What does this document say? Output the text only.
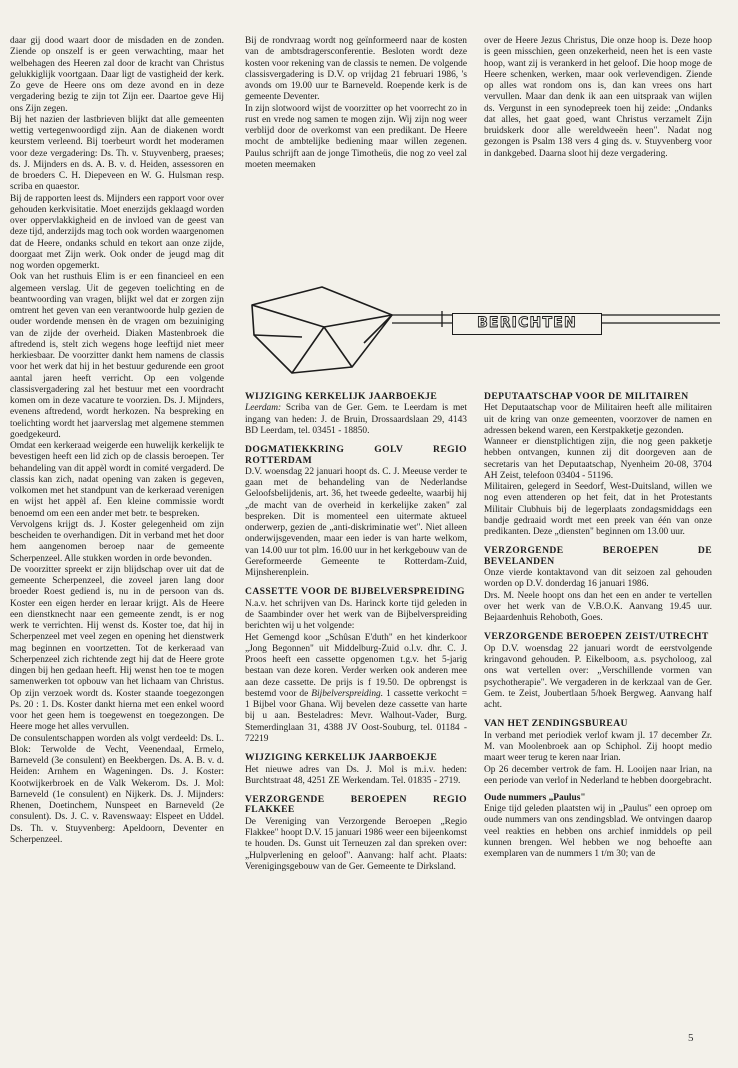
daar gij dood waart door de misdaden en de zonden. Ziende op onszelf is er geen verwachting, maar het welbehagen des Heeren zal door de kracht van Christus gelukkiglijk voortgaan. Daar ligt de vastigheid der kerk. Zo geve de Heere ons om deze avond en in deze vergadering bezig te zijn tot Zijn eer. Daartoe geve Hij ons Zijn zegen.

Bij het nazien der lastbrieven blijkt dat alle gemeenten wettig vertegenwoordigd zijn. Aan de diakenen wordt keurstem verleend. Bij toerbeurt wordt het moderamen voor deze vergadering: Ds. Th. v. Stuyvenberg, praeses; ds. J. Mijnders en ds. A. B. v. d. Heiden, assessoren en de broeders C. H. Diepeveen en W. G. Hulsman resp. scriba en quaestor.

Bij de rapporten leest ds. Mijnders een rapport voor over gehouden kerkvisitatie. Moet enerzijds geklaagd worden over oppervlakkigheid en de invloed van de geest van deze tijd, anderzijds mag toch ook worden waargenomen dat de Heere, ondanks schuld en tekort aan onze zijde, doorgaat met Zijn werk. Ook onder de jeugd mag dit nog worden opgemerkt.

Ook van het rusthuis Elim is er een financieel en een algemeen verslag. Uit de gegeven toelichting en de beantwoording van vragen, blijkt wel dat er zorgen zijn omtrent het geven van een verantwoorde hulp gezien de ouder wordende mensen èn de vragen om bezuiniging van de zijde der overheid. Diaken Mastenbroek die aftredend is, stelt zich wegens hoge leeftijd niet meer herkiesbaar. De voorzitter dankt hem namens de classis voor het werk dat hij in het bestuur gedurende een groot aantal jaren heeft verricht. Op een volgende classisvergadering zal het bestuur met een voordracht komen om in deze vacature te voorzien. Ds. J. Mijnders, evenens aftredend, wordt herkozen. Na bespreking en toelichting wordt het jaarverslag met algemene stemmen goedgekeurd.

Omdat een kerkeraad weigerde een huwelijk kerkelijk te bevestigen heeft een lid zich op de classis beroepen. Ter behandeling van dit appèl wordt in comité vergaderd. De classis kan zich, nadat opening van zaken is gegeven, volkomen met het standpunt van de kerkeraad verenigen en wijst het appèl af. Een kleine commissie wordt benoemd om een een ander met betr. te bespreken.

Vervolgens krijgt ds. J. Koster gelegenheid om zijn bescheiden te overhandigen. Dit in verband met het door hem aangenomen beroep naar de gemeente Scherpenzeel. Alle stukken worden in orde bevonden.

De voorzitter spreekt er zijn blijdschap over uit dat de gemeente Scherpenzeel, die zoveel jaren lang door broeder Roest gediend is, nu in de persoon van ds. Koster een eigen herder en leraar krijgt. Als de Heere een dienstknecht naar een gemeente zendt, is er nog werk te verrichten. Hij wenst ds. Koster toe, dat hij in Scherpenzeel met veel zegen en opening het dienstwerk mag beginnen en voortzetten. Tot de kerkeraad van Scherpenzeel zich richtende zegt hij dat de Heere grote dingen bij hen gedaan heeft. Hij wenst hen toe te mogen samenwerken tot opbouw van het lichaam van Christus. Op zijn verzoek wordt ds. Koster staande toegezongen Ps. 20 : 1. Ds. Koster dankt hierna met een enkel woord voor het geen hem is toegewenst en toegezongen. De Heere moge het alles vervullen.

De consulentschappen worden als volgt verdeeld: Ds. L. Blok: Terwolde de Vecht, Veenendaal, Ermelo, Barneveld (3e consulent) en Beekbergen. Ds. A. B. v. d. Heiden: Arnhem en Wageningen. Ds. J. Koster: Kootwijkerbroek en de Valk Wekerom. Ds. J. Mol: Barneveld (1e consulent) en Nijkerk. Ds. J. Mijnders: Rhenen, Doetinchem, Nunspeet en Barneveld (2e consulent). Ds. J. C. v. Ravenswaay: Elspeet en Uddel. Ds. Th. v. Stuyvenberg: Apeldoorn, Deventer en Scherpenzeel.

Bij de rondvraag wordt nog geïnformeerd naar de kosten van de ambtsdragersconferentie. Besloten wordt deze kosten voor rekening van de classis te nemen. De volgende classisvergadering is D.V. op vrijdag 21 februari 1986, 's avonds om 19.00 uur te Barneveld. Roepende kerk is de gemeente Deventer.

In zijn slotwoord wijst de voorzitter op het voorrecht zo in rust en vrede nog samen te mogen zijn. Wij zijn nog weer verblijd door de overkomst van een predikant. De Heere mocht de ambtelijke bediening maar willen zegenen. Paulus schrijft aan de jonge Timotheüs, die nog zo veel zal moeten meemaken

over de Heere Jezus Christus, Die onze hoop is. Deze hoop is geen misschien, geen onzekerheid, neen het is een vaste hoop, want zij is verankerd in het geloof. Die hoop moge de Heere schenken, werken, maar ook verlevendigen. Ziende op alles wat rondom ons is, dan kan vrees ons hart vervullen. Maar dan denk ik aan een uitspraak van wijlen ds. Vergunst in een synodepreek toen hij zeide: „Ondanks dat alles, het gaat goed, want Christus verzamelt Zijn bruidskerk door alle wereldweeën heen". Nadat nog gezongen is Psalm 138 vers 4 ging ds. v. Stuyvenberg voor in dankgebed. Daarna sloot hij deze vergadering.

BERICHTEN
WIJZIGING KERKELIJK JAARBOEKJE

Leerdam: Scriba van de Ger. Gem. te Leerdam is met ingang van heden: J. de Bruin, Drossaardslaan 29, 4143 BD Leerdam, tel. 03451 - 18850.

DOGMATIEKKRING GOLV REGIO ROTTERDAM

D.V. woensdag 22 januari hoopt ds. C. J. Meeuse verder te gaan met de behandeling van de Nederlandse Geloofsbelijdenis, art. 36, het tweede gedeelte, waarbij hij „de macht van de overheid in kerkelijke zaken" zal bespreken. Dit is momenteel een uitermate aktueel onderwerp, gezien de „anti-diskriminatie wet". Niet alleen onderwijsgevenden, maar een ieder is van harte welkom, van 14.00 uur tot plm. 16.00 uur in het kerkgebouw van de Gereformeerde Gemeente te Rotterdam-Zuid, Mijnsherenplein.

CASSETTE VOOR DE BIJBELVERSPREIDING

N.a.v. het schrijven van Ds. Harinck korte tijd geleden in de Saambinder over het werk van de Bijbelverspreiding berichten wij u het volgende:

Het Gemengd koor „Schûsan E'duth" en het kinderkoor „Jong Begonnen" uit Middelburg-Zuid o.l.v. dhr. C. J. Proos heeft een cassette opgenomen t.g.v. het 5-jarig bestaan van deze koren. Verder werken ook anderen mee aan deze cassette. De prijs is f 19.50. De opbrengst is bestemd voor de Bijbelverspreiding. 1 cassette verkocht = 1 Bijbel voor Ghana. Wij bevelen deze cassette van harte bij u aan. Besteladres: Mevr. Walhout-Vader, Burg. Stemerdinglaan 31, 4388 JV Oost-Souburg, tel. 01184 - 72219

WIJZIGING KERKELIJK JAARBOEKJE

Het nieuwe adres van Ds. J. Mol is m.i.v. heden: Burchtstraat 48, 4251 ZE Werkendam. Tel. 01835 - 2719.

VERZORGENDE BEROEPEN REGIO FLAKKEE

De Vereniging van Verzorgende Beroepen „Regio Flakkee" hoopt D.V. 15 januari 1986 weer een bijeenkomst te houden. Ds. Gunst uit Terneuzen zal dan spreken over: „Hulpverlening en geloof". Aanvang: half acht. Plaats: Verenigingsgebouw van de Ger. Gemeente te Dirksland.

DEPUTAATSCHAP VOOR DE MILITAIREN

Het Deputaatschap voor de Militairen heeft alle militairen uit de kring van onze gemeenten, voorzover de namen en adressen bekend waren, een Kerstpakketje gezonden.

Wanneer er dienstplichtigen zijn, die nog geen pakketje hebben ontvangen, kunnen zij dit doorgeven aan de secretaris van het Deputaatschap, Nyenheim 20-08, 3704 AH Zeist, telefoon 03404 - 51196.

Militairen, gelegerd in Seedorf, West-Duitsland, willen we nog even attenderen op het feit, dat in het Protestants Militair Clubhuis bij de legerplaats zondagsmiddags een bandje gedraaid wordt met een preek van één van onze predikanten. Deze „diensten" beginnen om 13.00 uur.

VERZORGENDE BEROEPEN DE BEVELANDEN

Onze vierde kontaktavond van dit seizoen zal gehouden worden op D.V. donderdag 16 januari 1986.

Drs. M. Neele hoopt ons dan het een en ander te vertellen over het werk van de V.B.O.K. Aanvang 19.45 uur. Bejaardenhuis Rehoboth, Goes.

VERZORGENDE BEROEPEN ZEIST/UTRECHT

Op D.V. woensdag 22 januari wordt de eerstvolgende kringavond gehouden. P. Eikelboom, a.s. psycholoog, zal ons wat vertellen over: „Verschillende vormen van psychotherapie". We vergaderen in de kerkzaal van de Ger. Gem. te Zeist, Joubertlaan 5/hoek Bergweg. Aanvang half acht.

VAN HET ZENDINGSBUREAU

In verband met periodiek verlof kwam jl. 17 december Zr. M. van Moolenbroek aan op Schiphol. Zij hoopt medio maart weer terug te keren naar Irian.

Op 26 december vertrok de fam. H. Looijen naar Irian, na een periode van verlof in Nederland te hebben doorgebracht.

Oude nummers „Paulus"

Enige tijd geleden plaatsten wij in „Paulus" een oproep om oude nummers van ons zendingsblad. We ontvingen daarop veel reakties en hebben ons archief inmiddels op peil kunnen brengen. Wel hebben we nog behoefte aan exemplaren van de nummers 1 t/m 30; van de

5
